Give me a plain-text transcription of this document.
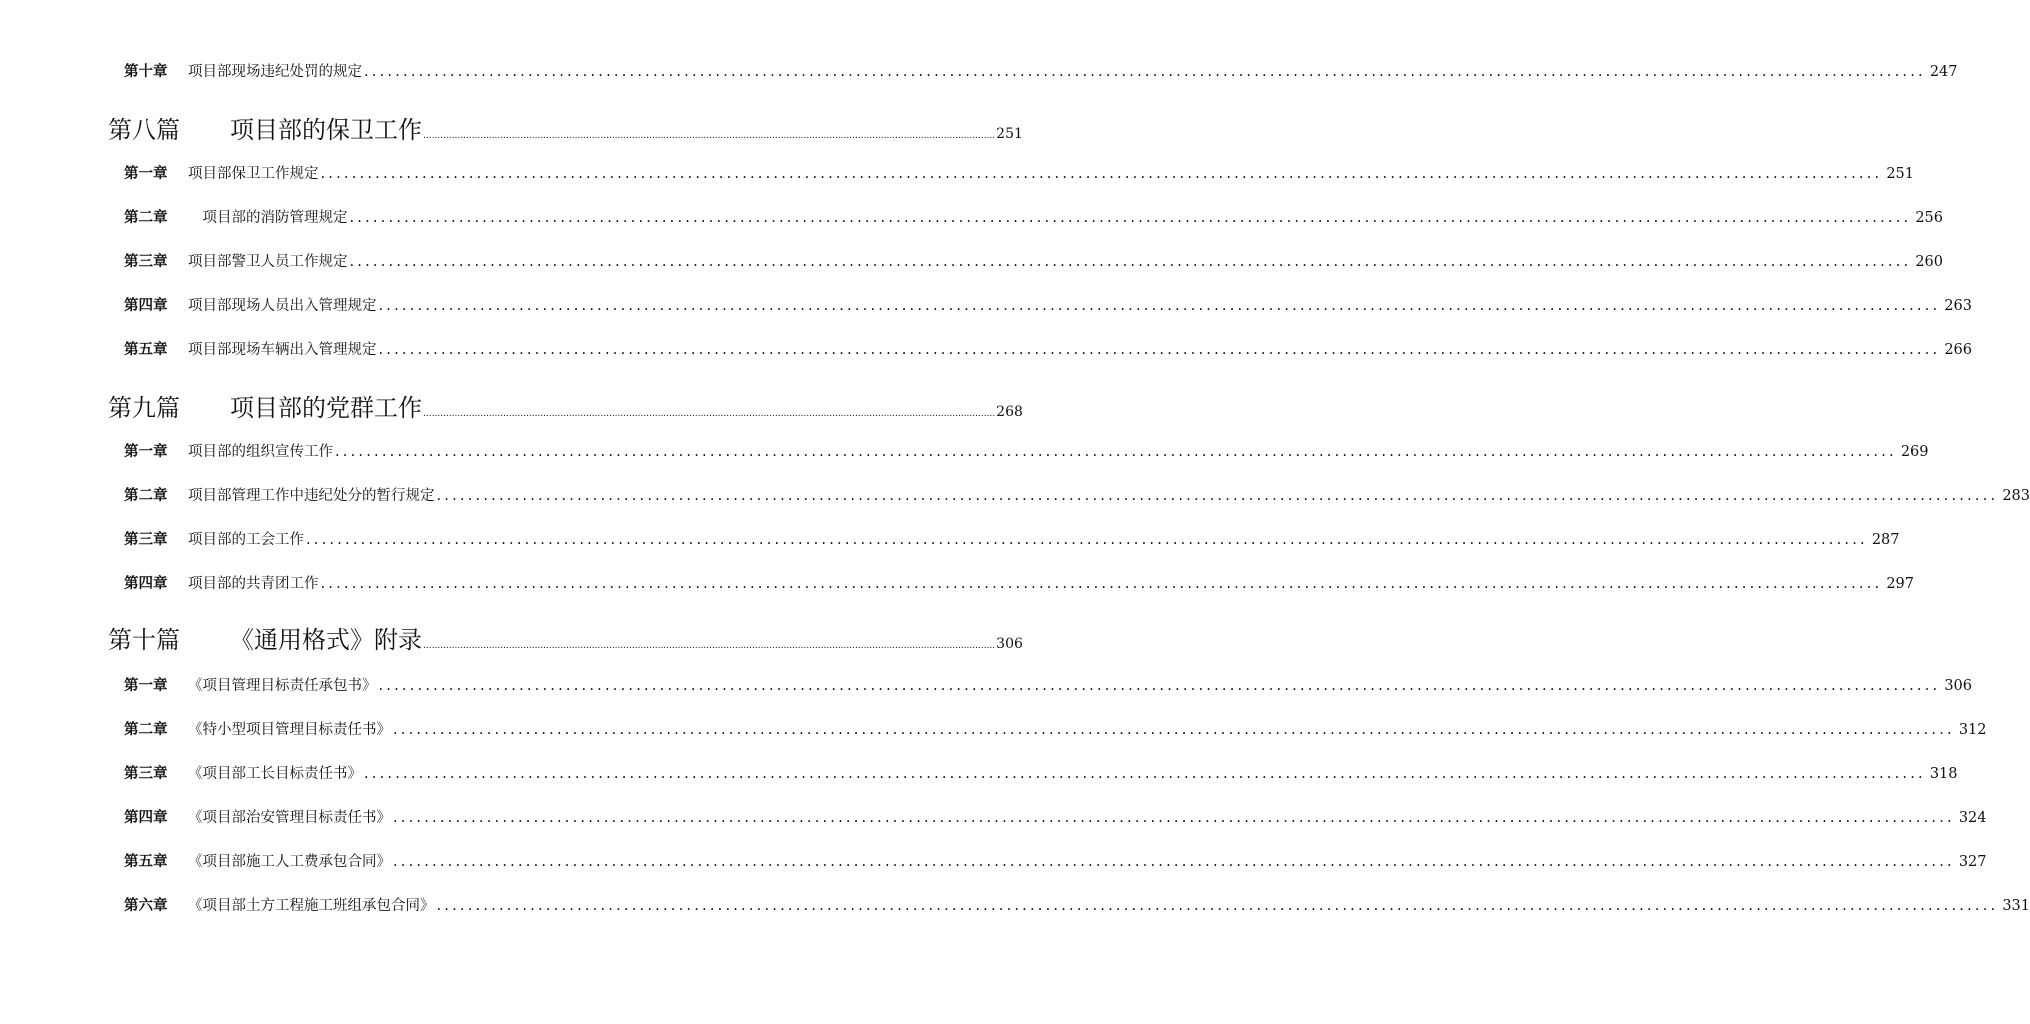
第十章	项目部现场违纪处罚的规定 ........................................................................................................................................................................................................ 247
第八篇	项目部的保卫工作 ........................................................................................................................................................................................................ 251
第一章	项目部保卫工作规定 ........................................................................................................................................................................................................ 251
第二章	　项目部的消防管理规定 ........................................................................................................................................................................................................ 256
第三章	项目部警卫人员工作规定 ........................................................................................................................................................................................................ 260
第四章	项目部现场人员出入管理规定 ........................................................................................................................................................................................................ 263
第五章	项目部现场车辆出入管理规定 ........................................................................................................................................................................................................ 266
第九篇	项目部的党群工作 ........................................................................................................................................................................................................ 268
第一章	项目部的组织宣传工作 ........................................................................................................................................................................................................ 269
第二章	项目部管理工作中违纪处分的暂行规定 ........................................................................................................................................................................................................ 283
第三章	项目部的工会工作 ........................................................................................................................................................................................................ 287
第四章	项目部的共青团工作 ........................................................................................................................................................................................................ 297
第十篇	《通用格式》附录 ........................................................................................................................................................................................................ 306
第一章	《项目管理目标责任承包书》 ........................................................................................................................................................................................................ 306
第二章	《特小型项目管理目标责任书》 ........................................................................................................................................................................................................ 312
第三章	《项目部工长目标责任书》 ........................................................................................................................................................................................................ 318
第四章	《项目部治安管理目标责任书》 ........................................................................................................................................................................................................ 324
第五章	《项目部施工人工费承包合同》 ........................................................................................................................................................................................................ 327
第六章	《项目部土方工程施工班组承包合同》 ........................................................................................................................................................................................................ 331
